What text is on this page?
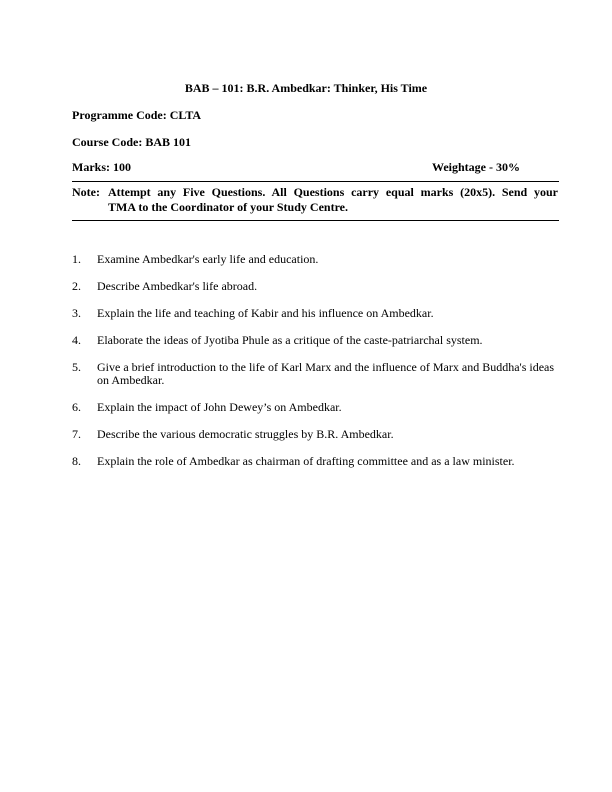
BAB – 101: B.R. Ambedkar: Thinker, His Time
Programme Code: CLTA
Course Code: BAB 101
Marks: 100	Weightage - 30%
Note: Attempt any Five Questions. All Questions carry equal marks (20x5). Send your
TMA to the Coordinator of your Study Centre.
1. Examine Ambedkar's early life and education.
2. Describe Ambedkar's life abroad.
3. Explain the life and teaching of Kabir and his influence on Ambedkar.
4. Elaborate the ideas of Jyotiba Phule as a critique of the caste-patriarchal system.
5. Give a brief introduction to the life of Karl Marx and the influence of Marx and Buddha's ideas on Ambedkar.
6. Explain the impact of John Dewey’s on Ambedkar.
7. Describe the various democratic struggles by B.R. Ambedkar.
8. Explain the role of Ambedkar as chairman of drafting committee and as a law minister.
